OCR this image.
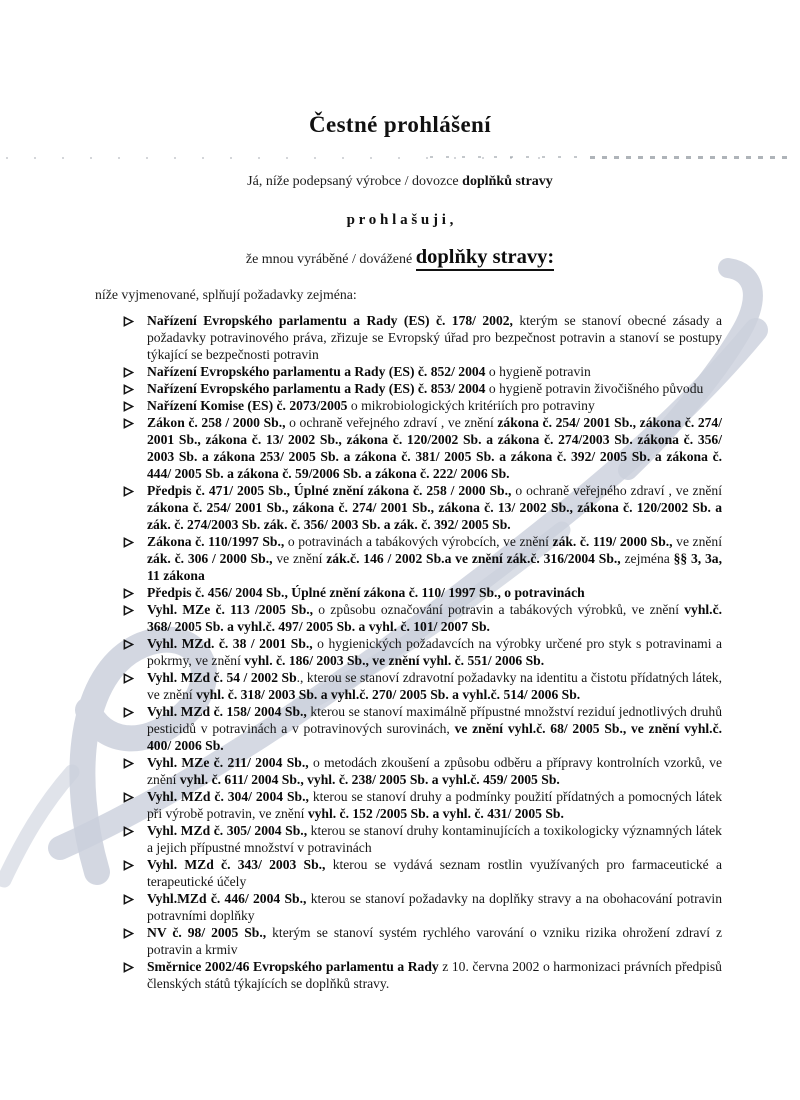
Čestné prohlášení

Já, níže podepsaný výrobce / dovozce doplňků stravy

p r o h l a š u j i ,

že mnou vyráběné / dovážené doplňky stravy:

níže vyjmenované, splňují požadavky zejména:

Nařízení Evropského parlamentu a Rady (ES) č. 178/ 2002, kterým se stanoví obecné zásady a požadavky potravinového práva, zřizuje se Evropský úřad pro bezpečnost potravin a stanoví se postupy týkající se bezpečnosti potravin
Nařízení Evropského parlamentu a Rady (ES) č. 852/ 2004 o hygieně potravin
Nařízení Evropského parlamentu a Rady (ES) č. 853/ 2004 o hygieně potravin živočišného původu
Nařízení Komise (ES) č. 2073/2005 o mikrobiologických kritériích pro potraviny
Zákon č. 258 / 2000 Sb., o ochraně veřejného zdraví , ve znění zákona č. 254/ 2001 Sb., zákona č. 274/ 2001 Sb., zákona č. 13/ 2002 Sb., zákona č. 120/2002 Sb. a zákona č. 274/2003 Sb. zákona č. 356/ 2003 Sb. a zákona 253/ 2005 Sb. a zákona č. 381/ 2005 Sb. a zákona č. 392/ 2005 Sb. a zákona č. 444/ 2005 Sb. a zákona č. 59/2006 Sb. a zákona č. 222/ 2006 Sb.
Předpis č. 471/ 2005 Sb., Úplné znění zákona č. 258 / 2000 Sb., o ochraně veřejného zdraví , ve znění zákona č. 254/ 2001 Sb., zákona č. 274/ 2001 Sb., zákona č. 13/ 2002 Sb., zákona č. 120/2002 Sb. a zák. č. 274/2003 Sb. zák. č. 356/ 2003 Sb. a zák. č. 392/ 2005 Sb.
Zákona č. 110/1997 Sb., o potravinách a tabákových výrobcích, ve znění zák. č. 119/ 2000 Sb., ve znění zák. č. 306 / 2000 Sb., ve znění zák.č. 146 / 2002 Sb.a ve znění zák.č. 316/2004 Sb., zejména §§ 3, 3a, 11 zákona
Předpis č. 456/ 2004 Sb., Úplné znění zákona č. 110/ 1997 Sb., o potravinách
Vyhl. MZe č. 113 /2005 Sb., o způsobu označování potravin a tabákových výrobků, ve znění vyhl.č. 368/ 2005 Sb. a vyhl.č. 497/ 2005 Sb. a vyhl. č. 101/ 2007 Sb.
Vyhl. MZd. č. 38 / 2001 Sb., o hygienických požadavcích na výrobky určené pro styk s potravinami a pokrmy, ve znění vyhl. č. 186/ 2003 Sb., ve znění vyhl. č. 551/ 2006 Sb.
Vyhl. MZd č. 54 / 2002 Sb., kterou se stanoví zdravotní požadavky na identitu a čistotu přídatných látek, ve znění vyhl. č. 318/ 2003 Sb. a vyhl.č. 270/ 2005 Sb. a vyhl.č. 514/ 2006 Sb.
Vyhl. MZd č. 158/ 2004 Sb., kterou se stanoví maximálně přípustné množství reziduí jednotlivých druhů pesticidů v potravinách a v potravinových surovinách, ve znění vyhl.č. 68/ 2005 Sb., ve znění vyhl.č. 400/ 2006 Sb.
Vyhl. MZe č. 211/ 2004 Sb., o metodách zkoušení a způsobu odběru a přípravy kontrolních vzorků, ve znění vyhl. č. 611/ 2004 Sb., vyhl. č. 238/ 2005 Sb. a vyhl.č. 459/ 2005 Sb.
Vyhl. MZd č. 304/ 2004 Sb., kterou se stanoví druhy a podmínky použití přídatných a pomocných látek při výrobě potravin, ve znění vyhl. č. 152 /2005 Sb. a vyhl. č. 431/ 2005 Sb.
Vyhl. MZd č. 305/ 2004 Sb., kterou se stanoví druhy kontaminujících a toxikologicky významných látek a jejich přípustné množství v potravinách
Vyhl. MZd č. 343/ 2003 Sb., kterou se vydává seznam rostlin využívaných pro farmaceutické a terapeutické účely
Vyhl.MZd č. 446/ 2004 Sb., kterou se stanoví požadavky na doplňky stravy a na obohacování potravin potravními doplňky
NV č. 98/ 2005 Sb., kterým se stanoví systém rychlého varování o vzniku rizika ohrožení zdraví z potravin a krmiv
Směrnice 2002/46 Evropského parlamentu a Rady z 10. června 2002 o harmonizaci právních předpisů členských států týkajících se doplňků stravy.
